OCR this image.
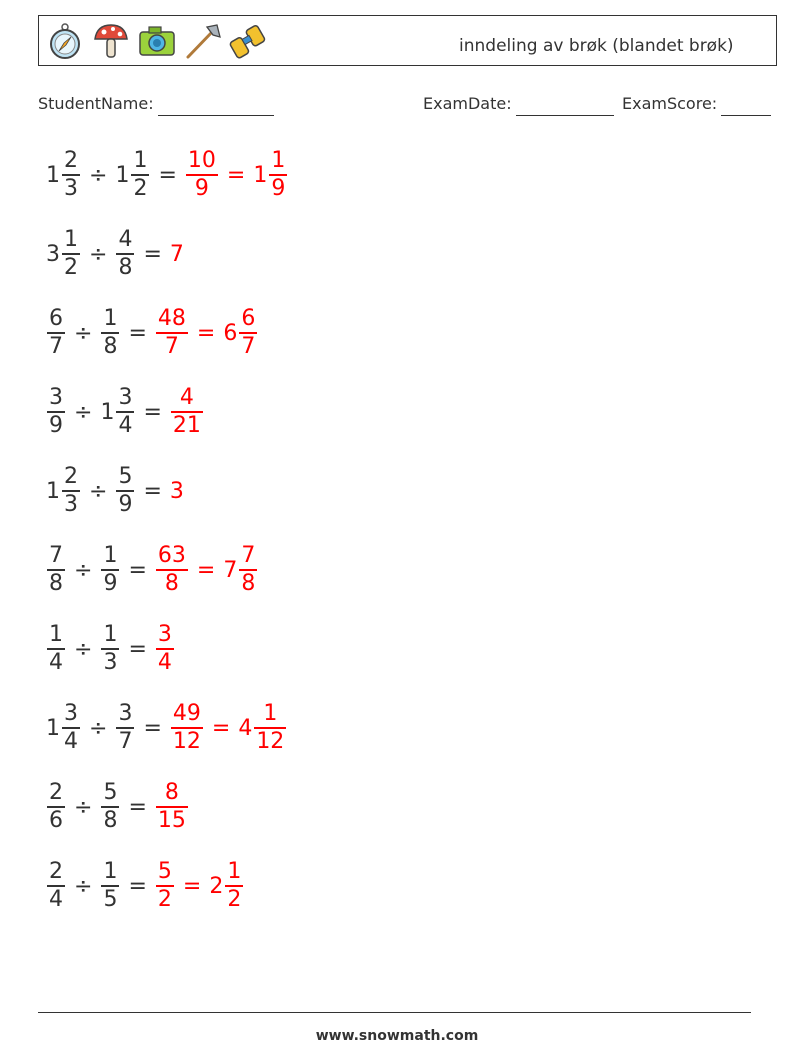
inndeling av brøk (blandet brøk)
StudentName:	ExamDate:	ExamScore:
$1 \frac{2}{3} \div 1 \frac{1}{2} = \frac{10}{9} = 1 \frac{1}{9}$
$3 \frac{1}{2} \div \frac{4}{8} = 7$
$\frac{6}{7} \div \frac{1}{8} = \frac{48}{7} = 6 \frac{6}{7}$
$\frac{3}{9} \div 1 \frac{3}{4} = \frac{4}{21}$
$1 \frac{2}{3} \div \frac{5}{9} = 3$
$\frac{7}{8} \div \frac{1}{9} = \frac{63}{8} = 7 \frac{7}{8}$
$\frac{1}{4} \div \frac{1}{3} = \frac{3}{4}$
$1 \frac{3}{4} \div \frac{3}{7} = \frac{49}{12} = 4 \frac{1}{12}$
$\frac{2}{6} \div \frac{5}{8} = \frac{8}{15}$
$\frac{2}{4} \div \frac{1}{5} = \frac{5}{2} = 2 \frac{1}{2}$
www.snowmath.com
